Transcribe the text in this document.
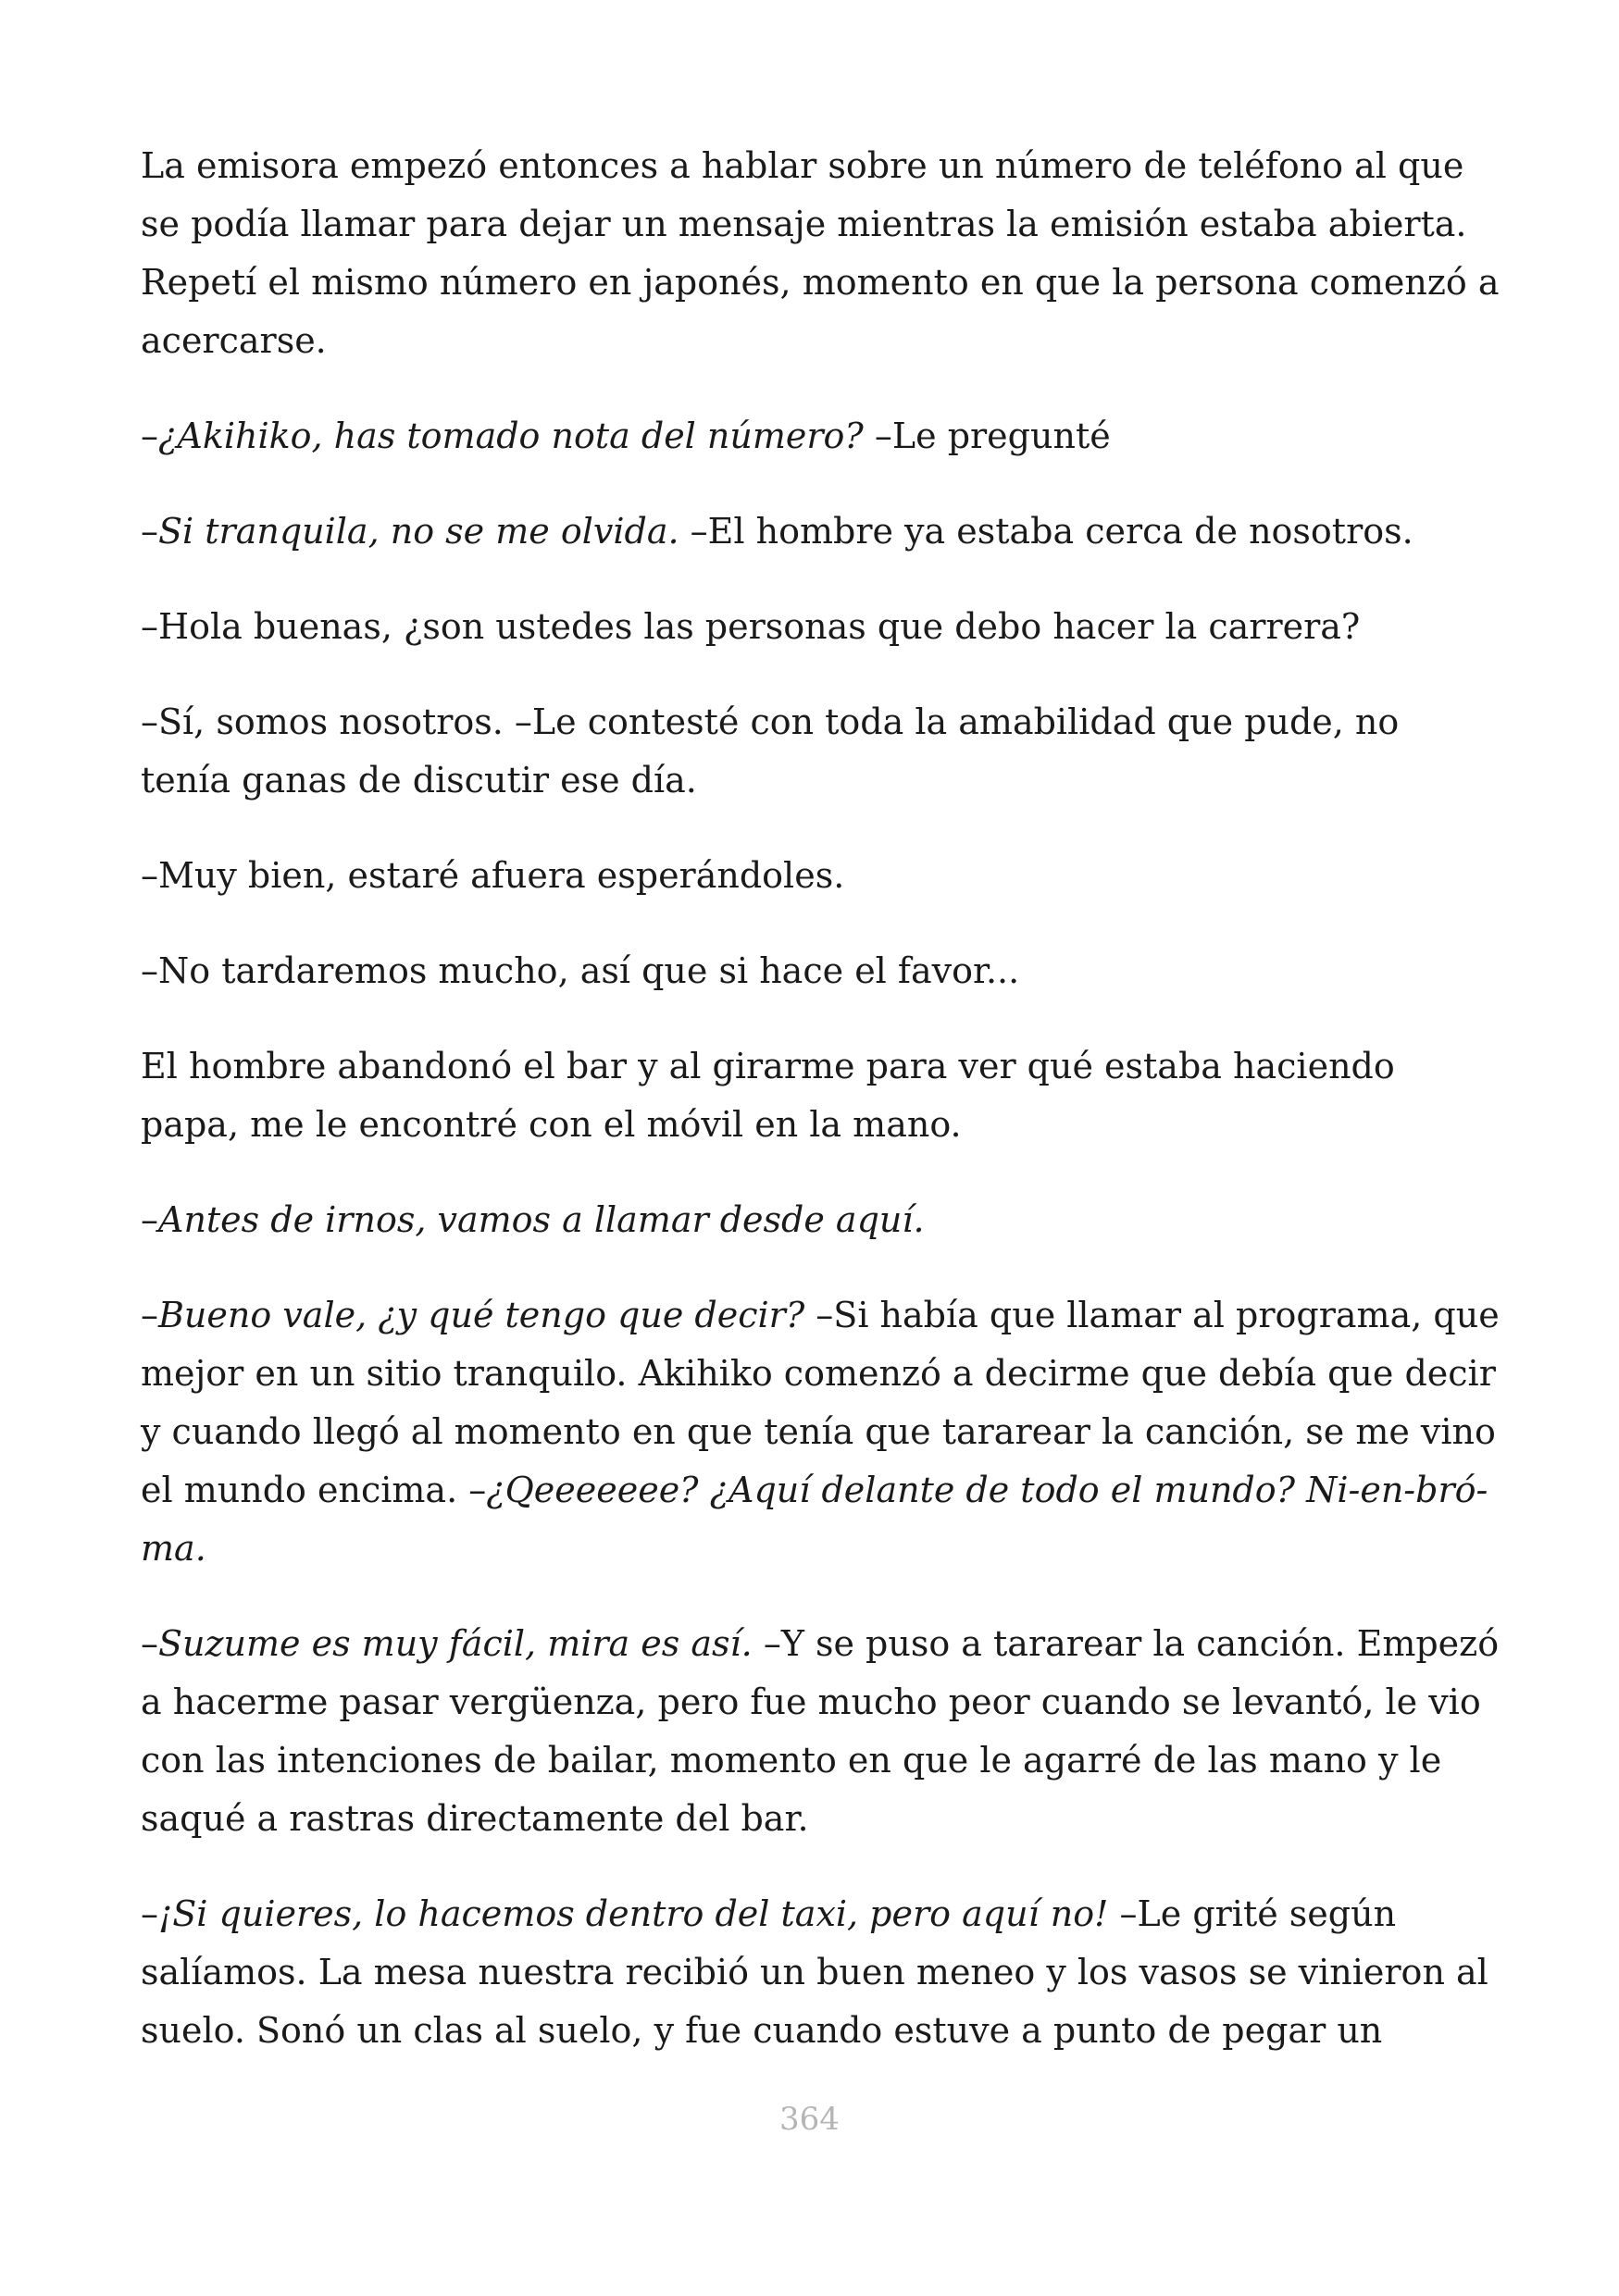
La emisora empezó entonces a hablar sobre un número de teléfono al que se podía llamar para dejar un mensaje mientras la emisión estaba abierta. Repetí el mismo número en japonés, momento en que la persona comenzó a acercarse.

–¿Akihiko, has tomado nota del número? –Le pregunté

–Si tranquila, no se me olvida. –El hombre ya estaba cerca de nosotros.

–Hola buenas, ¿son ustedes las personas que debo hacer la carrera?

–Sí, somos nosotros. –Le contesté con toda la amabilidad que pude, no tenía ganas de discutir ese día.

–Muy bien, estaré afuera esperándoles.

–No tardaremos mucho, así que si hace el favor...

El hombre abandonó el bar y al girarme para ver qué estaba haciendo papa, me le encontré con el móvil en la mano.

–Antes de irnos, vamos a llamar desde aquí.

–Bueno vale, ¿y qué tengo que decir? –Si había que llamar al programa, que mejor en un sitio tranquilo. Akihiko comenzó a decirme que debía que decir y cuando llegó al momento en que tenía que tararear la canción, se me vino el mundo encima. –¿Qeeeeeee? ¿Aquí delante de todo el mundo? Ni-en-bró-ma.

–Suzume es muy fácil, mira es así. –Y se puso a tararear la canción. Empezó a hacerme pasar vergüenza, pero fue mucho peor cuando se levantó, le vio con las intenciones de bailar, momento en que le agarré de las mano y le saqué a rastras directamente del bar.

–¡Si quieres, lo hacemos dentro del taxi, pero aquí no! –Le grité según salíamos. La mesa nuestra recibió un buen meneo y los vasos se vinieron al suelo. Sonó un clas al suelo, y fue cuando estuve a punto de pegar un

364
